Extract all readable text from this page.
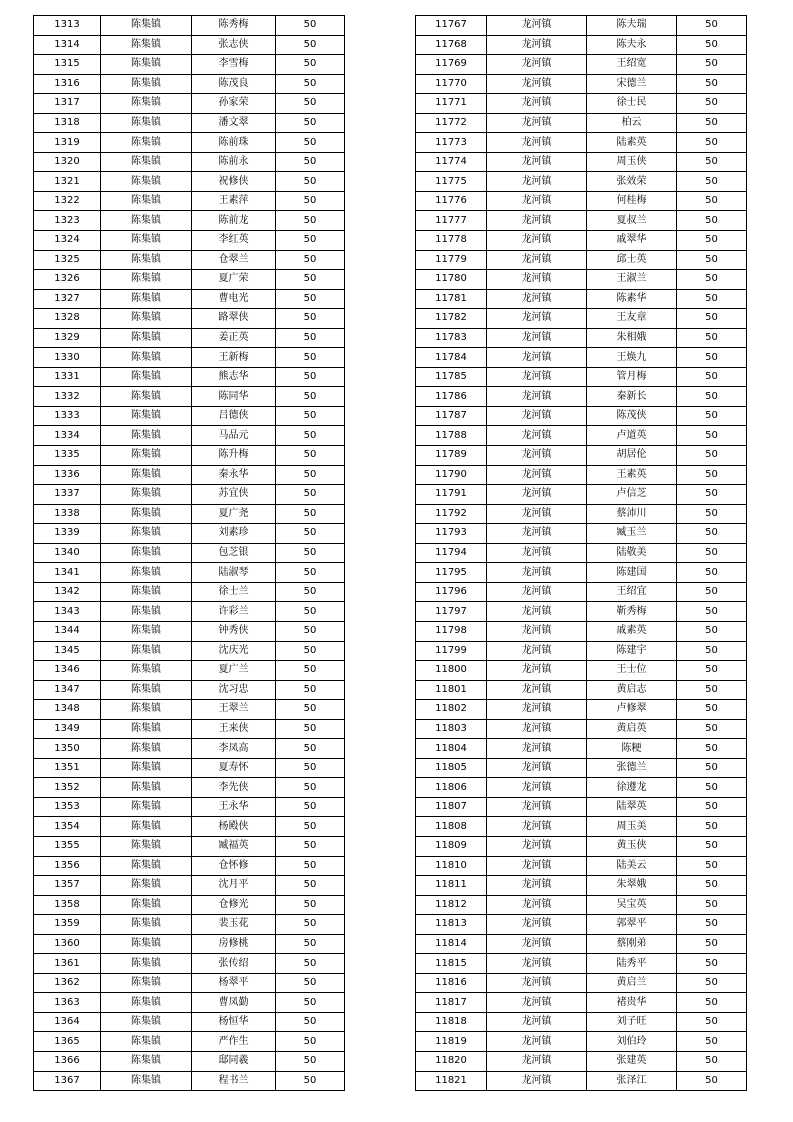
1313	陈集镇	陈秀梅	50
1314	陈集镇	张志侠	50
1315	陈集镇	李雪梅	50
1316	陈集镇	陈茂良	50
1317	陈集镇	孙家荣	50
1318	陈集镇	潘文翠	50
1319	陈集镇	陈前珠	50
1320	陈集镇	陈前永	50
1321	陈集镇	祝修侠	50
1322	陈集镇	王素萍	50
1323	陈集镇	陈前龙	50
1324	陈集镇	李红英	50
1325	陈集镇	仓翠兰	50
1326	陈集镇	夏广荣	50
1327	陈集镇	曹电光	50
1328	陈集镇	路翠侠	50
1329	陈集镇	姜正英	50
1330	陈集镇	王新梅	50
1331	陈集镇	熊志华	50
1332	陈集镇	陈同华	50
1333	陈集镇	吕德侠	50
1334	陈集镇	马品元	50
1335	陈集镇	陈升梅	50
1336	陈集镇	秦永华	50
1337	陈集镇	苏宜侠	50
1338	陈集镇	夏广尧	50
1339	陈集镇	刘素珍	50
1340	陈集镇	包芝银	50
1341	陈集镇	陆淑琴	50
1342	陈集镇	徐士兰	50
1343	陈集镇	许彩兰	50
1344	陈集镇	钟秀侠	50
1345	陈集镇	沈庆光	50
1346	陈集镇	夏广兰	50
1347	陈集镇	沈习忠	50
1348	陈集镇	王翠兰	50
1349	陈集镇	王来侠	50
1350	陈集镇	李凤高	50
1351	陈集镇	夏寿怀	50
1352	陈集镇	李先侠	50
1353	陈集镇	王永华	50
1354	陈集镇	杨殿侠	50
1355	陈集镇	臧福英	50
1356	陈集镇	仓怀修	50
1357	陈集镇	沈月平	50
1358	陈集镇	仓修光	50
1359	陈集镇	裴玉花	50
1360	陈集镇	房修桃	50
1361	陈集镇	张传绍	50
1362	陈集镇	杨翠平	50
1363	陈集镇	曹凤勤	50
1364	陈集镇	杨恒华	50
1365	陈集镇	严作生	50
1366	陈集镇	邸同羲	50
1367	陈集镇	程书兰	50
11767	龙河镇	陈夫瑞	50
11768	龙河镇	陈夫永	50
11769	龙河镇	王绍宽	50
11770	龙河镇	宋德兰	50
11771	龙河镇	徐士民	50
11772	龙河镇	柏云	50
11773	龙河镇	陆素英	50
11774	龙河镇	周玉侠	50
11775	龙河镇	张效荣	50
11776	龙河镇	何桂梅	50
11777	龙河镇	夏叔兰	50
11778	龙河镇	戚翠华	50
11779	龙河镇	邱士英	50
11780	龙河镇	王淑兰	50
11781	龙河镇	陈素华	50
11782	龙河镇	王友章	50
11783	龙河镇	朱相娥	50
11784	龙河镇	王焕九	50
11785	龙河镇	管月梅	50
11786	龙河镇	秦新长	50
11787	龙河镇	陈茂侠	50
11788	龙河镇	卢道英	50
11789	龙河镇	胡居伦	50
11790	龙河镇	王素英	50
11791	龙河镇	卢信芝	50
11792	龙河镇	蔡沛川	50
11793	龙河镇	臧玉兰	50
11794	龙河镇	陆敬美	50
11795	龙河镇	陈建国	50
11796	龙河镇	王绍宜	50
11797	龙河镇	靳秀梅	50
11798	龙河镇	戚素英	50
11799	龙河镇	陈建宇	50
11800	龙河镇	王士位	50
11801	龙河镇	黄启志	50
11802	龙河镇	卢修翠	50
11803	龙河镇	黄启英	50
11804	龙河镇	陈粳	50
11805	龙河镇	张德兰	50
11806	龙河镇	徐遵龙	50
11807	龙河镇	陆翠英	50
11808	龙河镇	周玉美	50
11809	龙河镇	黄玉侠	50
11810	龙河镇	陆美云	50
11811	龙河镇	朱翠娥	50
11812	龙河镇	吴宝英	50
11813	龙河镇	郭翠平	50
11814	龙河镇	蔡刚弟	50
11815	龙河镇	陆秀平	50
11816	龙河镇	黄启兰	50
11817	龙河镇	褚贵华	50
11818	龙河镇	刘子旺	50
11819	龙河镇	刘伯玲	50
11820	龙河镇	张建英	50
11821	龙河镇	张泽江	50
